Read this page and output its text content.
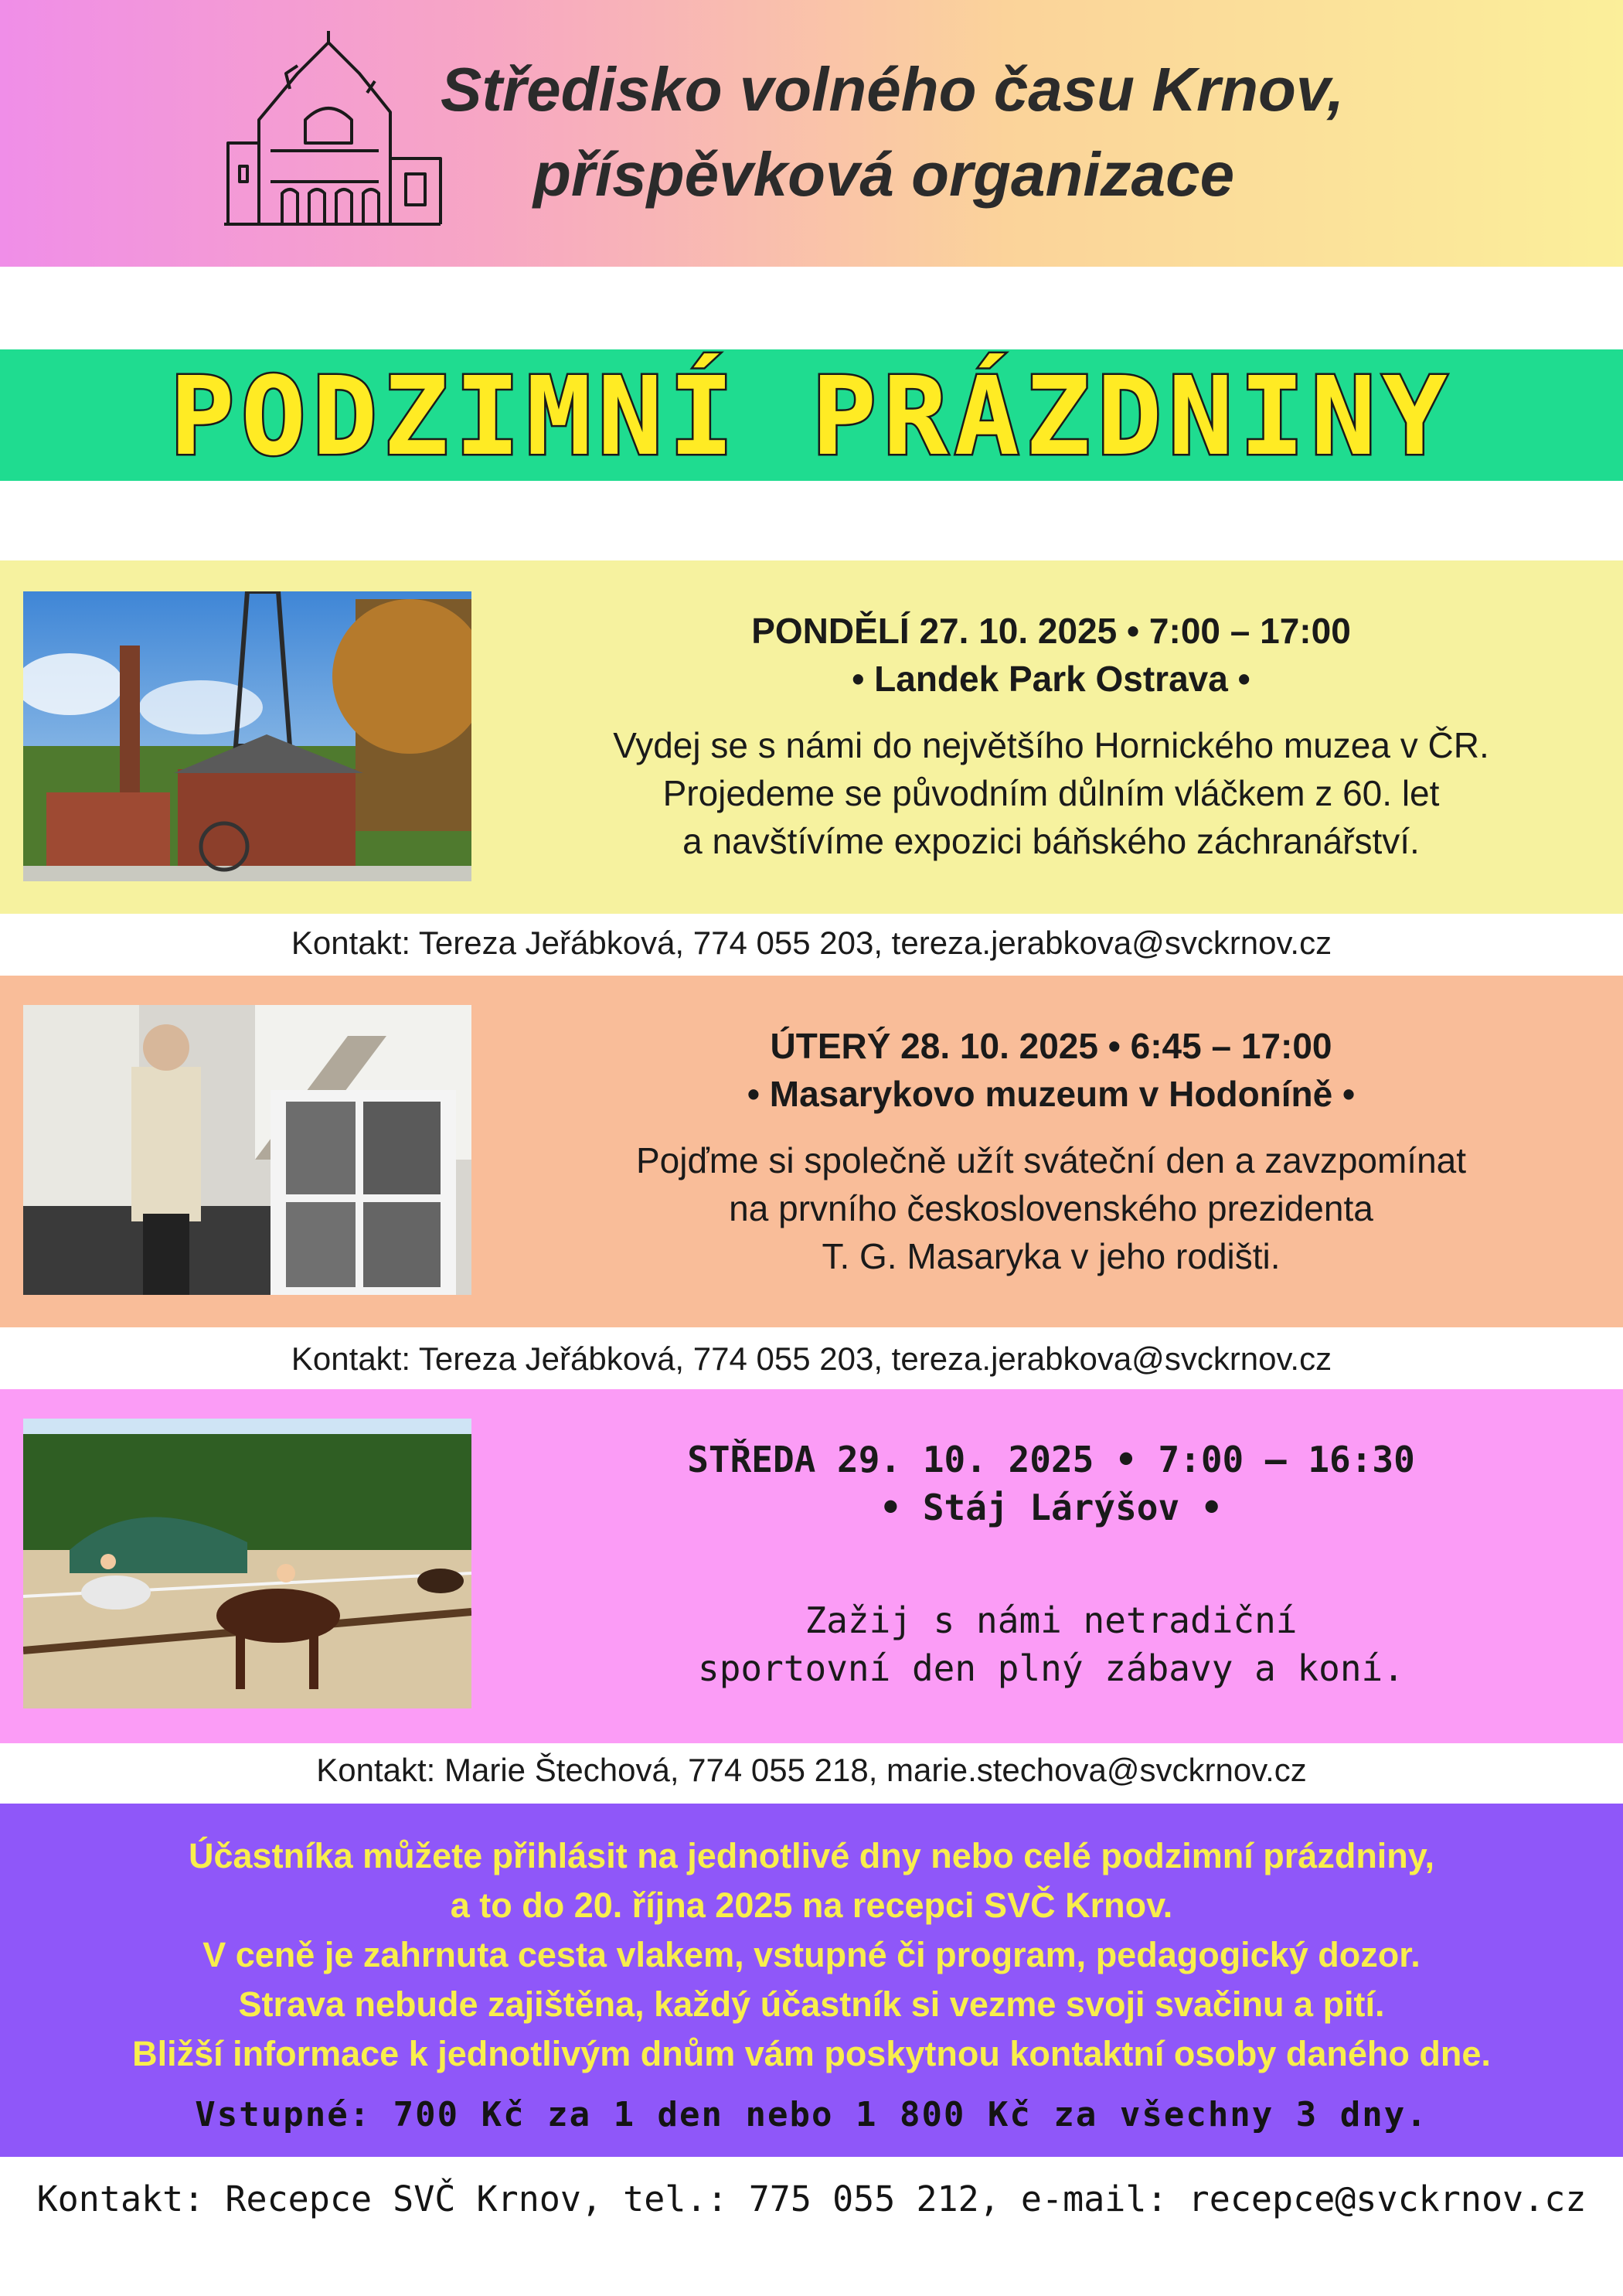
Středisko volného času Krnov,
příspěvková organizace
PODZIMNÍ PRÁZDNINY
PONDĚLÍ 27. 10. 2025 • 7:00 – 17:00
• Landek Park Ostrava •
Vydej se s námi do největšího Hornického muzea v ČR.
Projedeme se původním důlním vláčkem z 60. let
a navštívíme expozici báňského záchranářství.
Kontakt: Tereza Jeřábková, 774 055 203, tereza.jerabkova@svckrnov.cz
ÚTERÝ 28. 10. 2025 • 6:45 – 17:00
• Masarykovo muzeum v Hodoníně •
Pojďme si společně užít sváteční den a zavzpomínat
na prvního československého prezidenta
T. G. Masaryka v jeho rodišti.
Kontakt: Tereza Jeřábková, 774 055 203, tereza.jerabkova@svckrnov.cz
STŘEDA 29. 10. 2025 • 7:00 – 16:30
• Stáj Lárýšov •
Zažij s námi netradiční
sportovní den plný zábavy a koní.
Kontakt: Marie Štechová, 774 055 218, marie.stechova@svckrnov.cz
Účastníka můžete přihlásit na jednotlivé dny nebo celé podzimní prázdniny,
a to do 20. října 2025 na recepci SVČ Krnov.
V ceně je zahrnuta cesta vlakem, vstupné či program, pedagogický dozor.
Strava nebude zajištěna, každý účastník si vezme svoji svačinu a pití.
Bližší informace k jednotlivým dnům vám poskytnou kontaktní osoby daného dne.
Vstupné: 700 Kč za 1 den nebo 1 800 Kč za všechny 3 dny.
Kontakt: Recepce SVČ Krnov, tel.: 775 055 212, e-mail: recepce@svckrnov.cz
